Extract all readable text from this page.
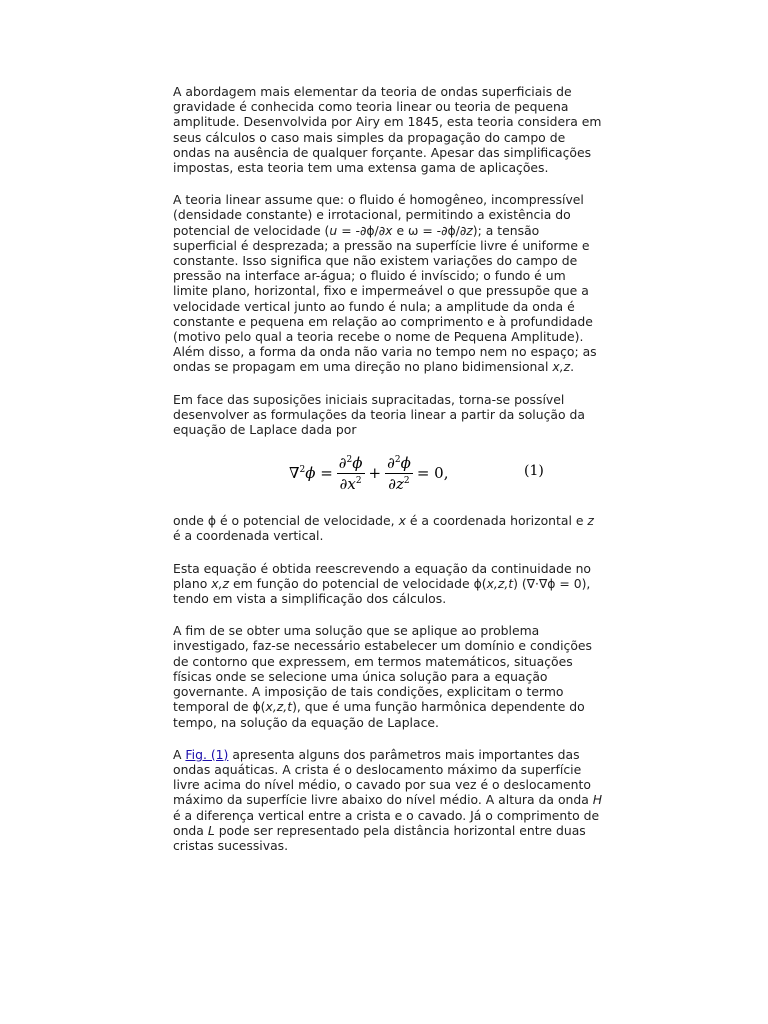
A abordagem mais elementar da teoria de ondas superficiais de gravidade é conhecida como teoria linear ou teoria de pequena amplitude. Desenvolvida por Airy em 1845, esta teoria considera em seus cálculos o caso mais simples da propagação do campo de ondas na ausência de qualquer forçante. Apesar das simplificações impostas, esta teoria tem uma extensa gama de aplicações.

A teoria linear assume que: o fluido é homogêneo, incompressível (densidade constante) e irrotacional, permitindo a existência do potencial de velocidade (u = -∂ϕ/∂x e ω = -∂ϕ/∂z); a tensão superficial é desprezada; a pressão na superfície livre é uniforme e constante. Isso significa que não existem variações do campo de pressão na interface ar-água; o fluido é invíscido; o fundo é um limite plano, horizontal, fixo e impermeável o que pressupõe que a velocidade vertical junto ao fundo é nula; a amplitude da onda é constante e pequena em relação ao comprimento e à profundidade (motivo pelo qual a teoria recebe o nome de Pequena Amplitude). Além disso, a forma da onda não varia no tempo nem no espaço; as ondas se propagam em uma direção no plano bidimensional x,z.

Em face das suposições iniciais supracitadas, torna-se possível desenvolver as formulações da teoria linear a partir da solução da equação de Laplace dada por

$\nabla^2\phi = \frac{\partial^2\phi}{\partial x^2} + \frac{\partial^2\phi}{\partial z^2} = 0$,	(1)

onde ϕ é o potencial de velocidade, x é a coordenada horizontal e z é a coordenada vertical.

Esta equação é obtida reescrevendo a equação da continuidade no plano x,z em função do potencial de velocidade ϕ(x,z,t) (∇·∇ϕ = 0), tendo em vista a simplificação dos cálculos.

A fim de se obter uma solução que se aplique ao problema investigado, faz-se necessário estabelecer um domínio e condições de contorno que expressem, em termos matemáticos, situações físicas onde se selecione uma única solução para a equação governante. A imposição de tais condições, explicitam o termo temporal de ϕ(x,z,t), que é uma função harmônica dependente do tempo, na solução da equação de Laplace.

A Fig. (1) apresenta alguns dos parâmetros mais importantes das ondas aquáticas. A crista é o deslocamento máximo da superfície livre acima do nível médio, o cavado por sua vez é o deslocamento máximo da superfície livre abaixo do nível médio. A altura da onda H é a diferença vertical entre a crista e o cavado. Já o comprimento de onda L pode ser representado pela distância horizontal entre duas cristas sucessivas.
